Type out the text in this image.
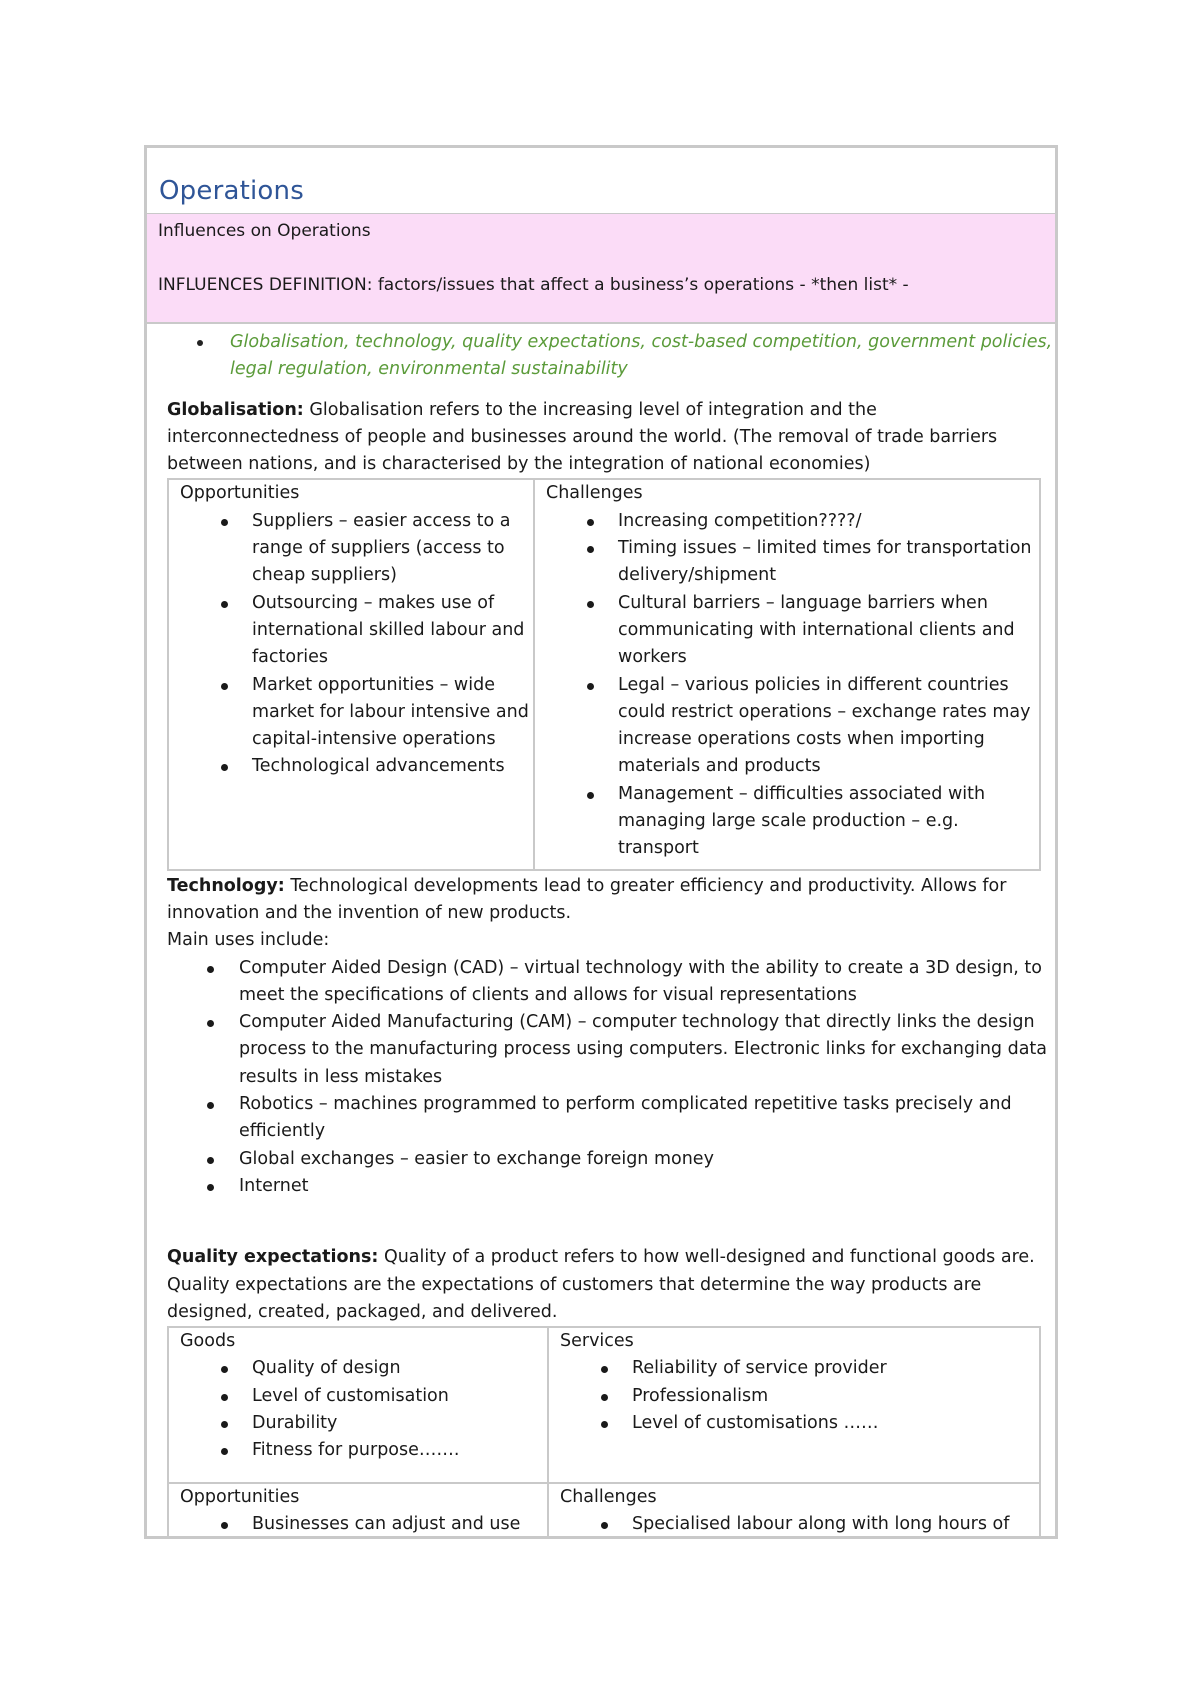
Operations
Influences on Operations
INFLUENCES DEFINITION: factors/issues that affect a business’s operations - *then list* -
Globalisation, technology, quality expectations, cost-based competition, government policies, legal regulation, environmental sustainability
Globalisation: Globalisation refers to the increasing level of integration and the interconnectedness of people and businesses around the world. (The removal of trade barriers between nations, and is characterised by the integration of national economies)
Opportunities
Suppliers – easier access to a range of suppliers (access to cheap suppliers)
Outsourcing – makes use of international skilled labour and factories
Market opportunities – wide market for labour intensive and capital-intensive operations
Technological advancements
Challenges
Increasing competition????/
Timing issues – limited times for transportation delivery/shipment
Cultural barriers – language barriers when communicating with international clients and workers
Legal – various policies in different countries could restrict operations – exchange rates may increase operations costs when importing materials and products
Management – difficulties associated with managing large scale production – e.g. transport
Technology: Technological developments lead to greater efficiency and productivity. Allows for innovation and the invention of new products.
Main uses include:
Computer Aided Design (CAD) – virtual technology with the ability to create a 3D design, to meet the specifications of clients and allows for visual representations
Computer Aided Manufacturing (CAM) – computer technology that directly links the design process to the manufacturing process using computers. Electronic links for exchanging data results in less mistakes
Robotics – machines programmed to perform complicated repetitive tasks precisely and efficiently
Global exchanges – easier to exchange foreign money
Internet
Quality expectations: Quality of a product refers to how well-designed and functional goods are. Quality expectations are the expectations of customers that determine the way products are designed, created, packaged, and delivered.
Goods
Quality of design
Level of customisation
Durability
Fitness for purpose…….
Services
Reliability of service provider
Professionalism
Level of customisations ……
Opportunities
Businesses can adjust and use
Challenges
Specialised labour along with long hours of
